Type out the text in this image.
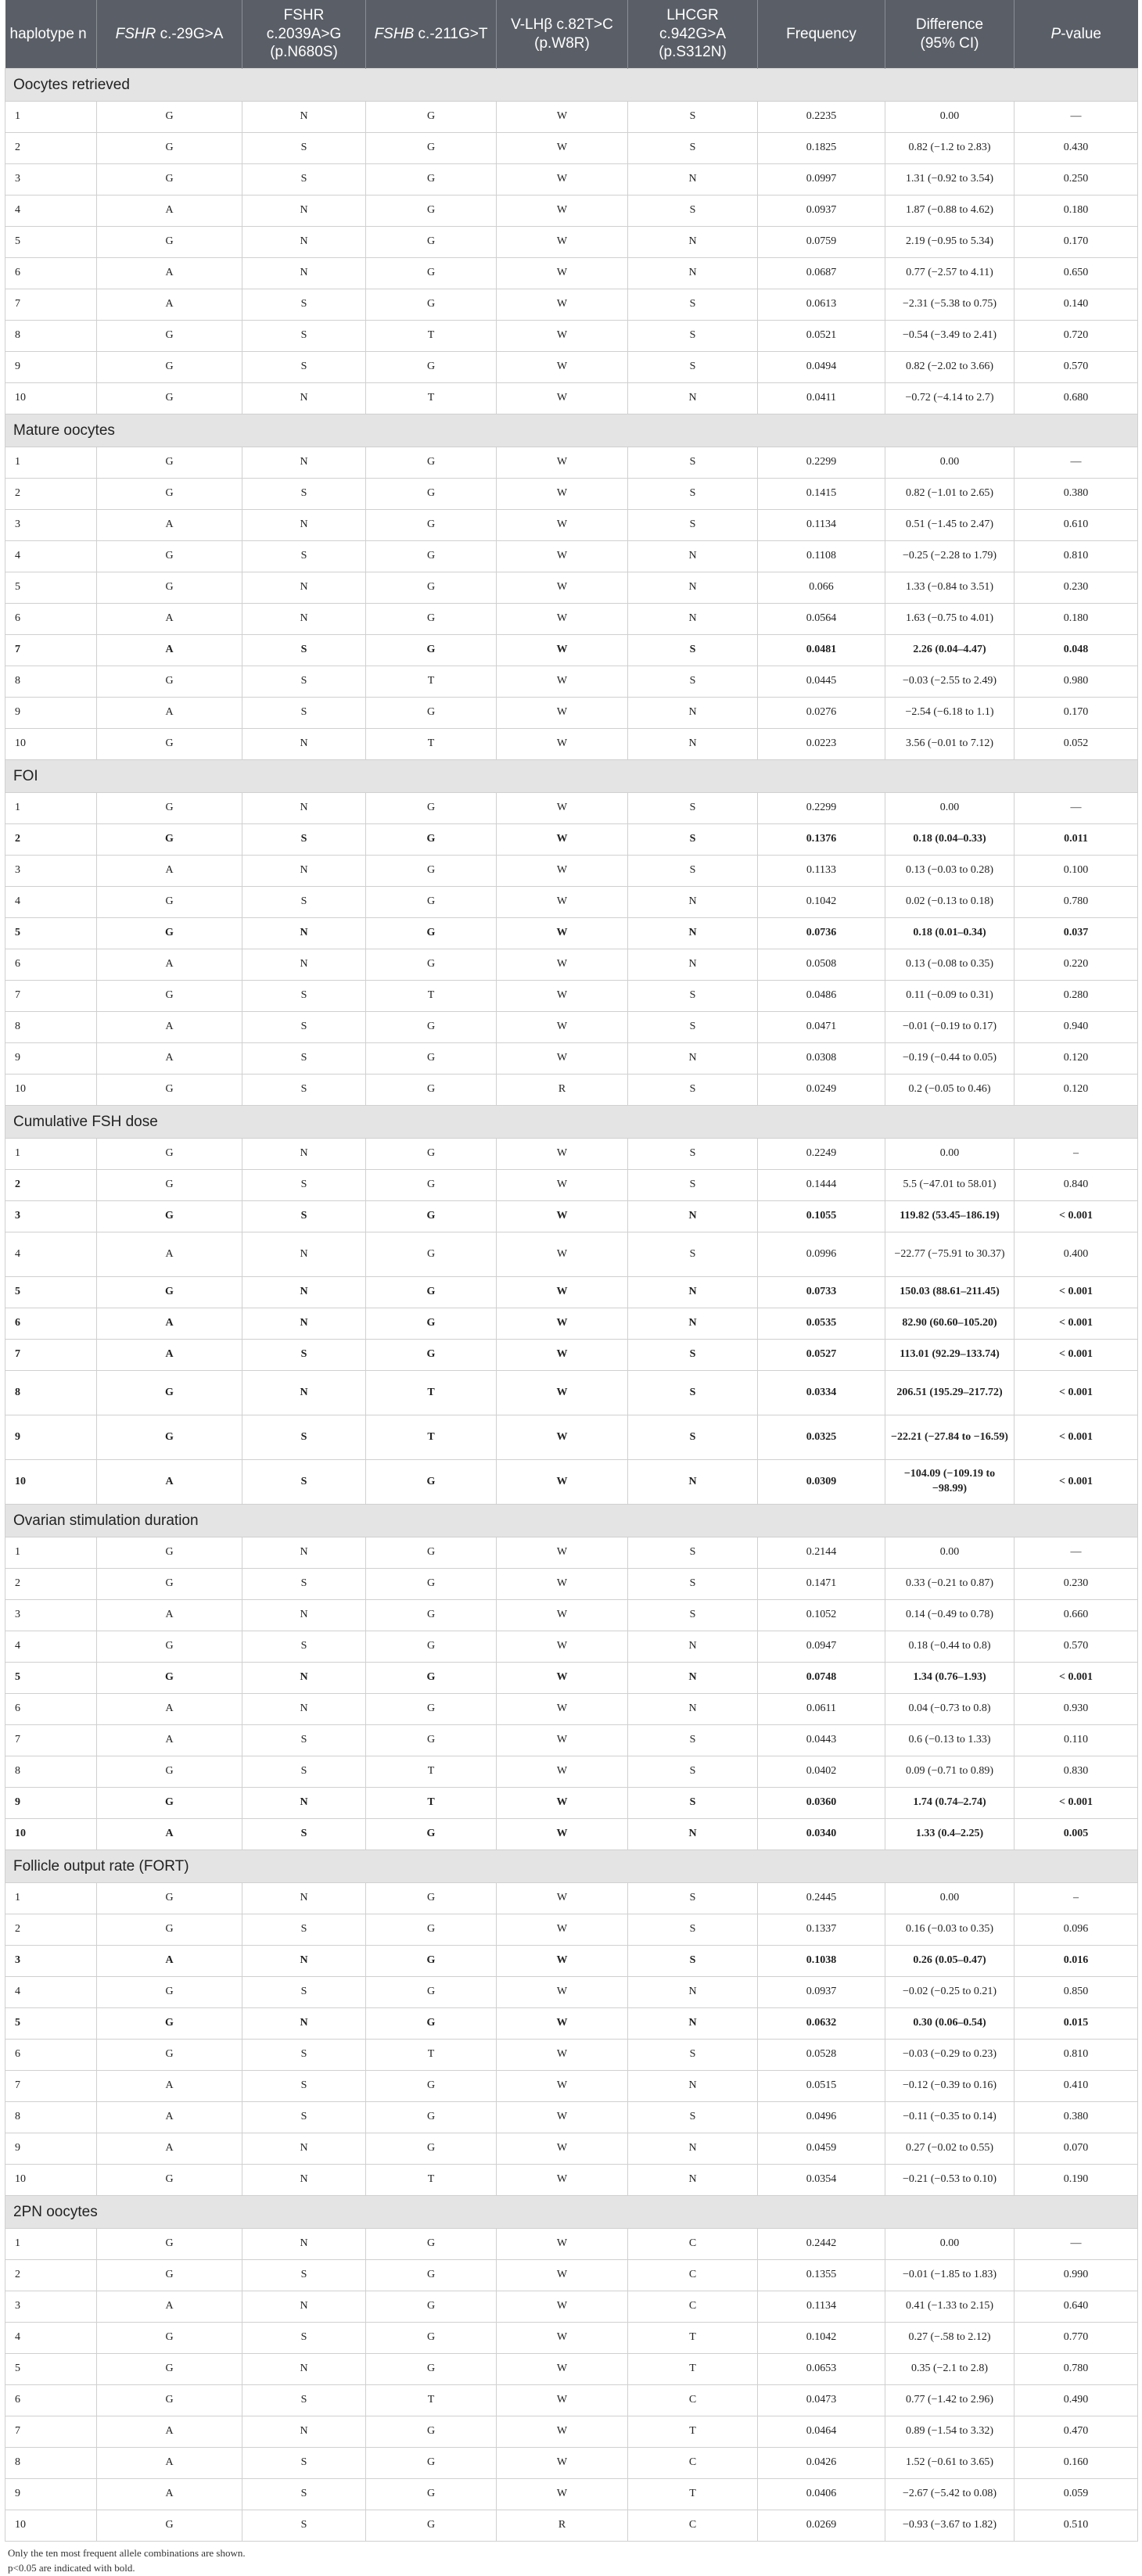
haplotype n	FSHR c.-29G>A	FSHR c.2039A>G
(p.N680S)	FSHB c.-211G>T	V-LHβ c.82T>C (p.W8R)	LHCGR c.942G>A
(p.S312N)	Frequency	Difference
(95% CI)	P-value
Oocytes retrieved								
1	G	N	G	W	S	0.2235	0.00	—
2	G	S	G	W	S	0.1825	0.82 (−1.2 to 2.83)	0.430
3	G	S	G	W	N	0.0997	1.31 (−0.92 to 3.54)	0.250
4	A	N	G	W	S	0.0937	1.87 (−0.88 to 4.62)	0.180
5	G	N	G	W	N	0.0759	2.19 (−0.95 to 5.34)	0.170
6	A	N	G	W	N	0.0687	0.77 (−2.57 to 4.11)	0.650
7	A	S	G	W	S	0.0613	−2.31 (−5.38 to 0.75)	0.140
8	G	S	T	W	S	0.0521	−0.54 (−3.49 to 2.41)	0.720
9	G	S	G	W	S	0.0494	0.82 (−2.02 to 3.66)	0.570
10	G	N	T	W	N	0.0411	−0.72 (−4.14 to 2.7)	0.680
Mature oocytes								
1	G	N	G	W	S	0.2299	0.00	—
2	G	S	G	W	S	0.1415	0.82 (−1.01 to 2.65)	0.380
3	A	N	G	W	S	0.1134	0.51 (−1.45 to 2.47)	0.610
4	G	S	G	W	N	0.1108	−0.25 (−2.28 to 1.79)	0.810
5	G	N	G	W	N	0.066	1.33 (−0.84 to 3.51)	0.230
6	A	N	G	W	N	0.0564	1.63 (−0.75 to 4.01)	0.180
7	A	S	G	W	S	0.0481	2.26 (0.04–4.47)	0.048
8	G	S	T	W	S	0.0445	−0.03 (−2.55 to 2.49)	0.980
9	A	S	G	W	N	0.0276	−2.54 (−6.18 to 1.1)	0.170
10	G	N	T	W	N	0.0223	3.56 (−0.01 to 7.12)	0.052
FOI								
1	G	N	G	W	S	0.2299	0.00	—
2	G	S	G	W	S	0.1376	0.18 (0.04–0.33)	0.011
3	A	N	G	W	S	0.1133	0.13 (−0.03 to 0.28)	0.100
4	G	S	G	W	N	0.1042	0.02 (−0.13 to 0.18)	0.780
5	G	N	G	W	N	0.0736	0.18 (0.01–0.34)	0.037
6	A	N	G	W	N	0.0508	0.13 (−0.08 to 0.35)	0.220
7	G	S	T	W	S	0.0486	0.11 (−0.09 to 0.31)	0.280
8	A	S	G	W	S	0.0471	−0.01 (−0.19 to 0.17)	0.940
9	A	S	G	W	N	0.0308	−0.19 (−0.44 to 0.05)	0.120
10	G	S	G	R	S	0.0249	0.2 (−0.05 to 0.46)	0.120
Cumulative FSH dose								
1	G	N	G	W	S	0.2249	0.00	–
2	G	S	G	W	S	0.1444	5.5 (−47.01 to 58.01)	0.840
3	G	S	G	W	N	0.1055	119.82 (53.45–186.19)	< 0.001
4	A	N	G	W	S	0.0996	−22.77 (−75.91 to 30.37)	0.400
5	G	N	G	W	N	0.0733	150.03 (88.61–211.45)	< 0.001
6	A	N	G	W	N	0.0535	82.90 (60.60–105.20)	< 0.001
7	A	S	G	W	S	0.0527	113.01 (92.29–133.74)	< 0.001
8	G	N	T	W	S	0.0334	206.51 (195.29–217.72)	< 0.001
9	G	S	T	W	S	0.0325	−22.21 (−27.84 to −16.59)	< 0.001
10	A	S	G	W	N	0.0309	−104.09 (−109.19 to −98.99)	< 0.001
Ovarian stimulation duration								
1	G	N	G	W	S	0.2144	0.00	—
2	G	S	G	W	S	0.1471	0.33 (−0.21 to 0.87)	0.230
3	A	N	G	W	S	0.1052	0.14 (−0.49 to 0.78)	0.660
4	G	S	G	W	N	0.0947	0.18 (−0.44 to 0.8)	0.570
5	G	N	G	W	N	0.0748	1.34 (0.76–1.93)	< 0.001
6	A	N	G	W	N	0.0611	0.04 (−0.73 to 0.8)	0.930
7	A	S	G	W	S	0.0443	0.6 (−0.13 to 1.33)	0.110
8	G	S	T	W	S	0.0402	0.09 (−0.71 to 0.89)	0.830
9	G	N	T	W	S	0.0360	1.74 (0.74–2.74)	< 0.001
10	A	S	G	W	N	0.0340	1.33 (0.4–2.25)	0.005
Follicle output rate (FORT)								
1	G	N	G	W	S	0.2445	0.00	–
2	G	S	G	W	S	0.1337	0.16 (−0.03 to 0.35)	0.096
3	A	N	G	W	S	0.1038	0.26 (0.05–0.47)	0.016
4	G	S	G	W	N	0.0937	−0.02 (−0.25 to 0.21)	0.850
5	G	N	G	W	N	0.0632	0.30 (0.06–0.54)	0.015
6	G	S	T	W	S	0.0528	−0.03 (−0.29 to 0.23)	0.810
7	A	S	G	W	N	0.0515	−0.12 (−0.39 to 0.16)	0.410
8	A	S	G	W	S	0.0496	−0.11 (−0.35 to 0.14)	0.380
9	A	N	G	W	N	0.0459	0.27 (−0.02 to 0.55)	0.070
10	G	N	T	W	N	0.0354	−0.21 (−0.53 to 0.10)	0.190
2PN oocytes								
1	G	N	G	W	C	0.2442	0.00	—
2	G	S	G	W	C	0.1355	−0.01 (−1.85 to 1.83)	0.990
3	A	N	G	W	C	0.1134	0.41 (−1.33 to 2.15)	0.640
4	G	S	G	W	T	0.1042	0.27 (−.58 to 2.12)	0.770
5	G	N	G	W	T	0.0653	0.35 (−2.1 to 2.8)	0.780
6	G	S	T	W	C	0.0473	0.77 (−1.42 to 2.96)	0.490
7	A	N	G	W	T	0.0464	0.89 (−1.54 to 3.32)	0.470
8	A	S	G	W	C	0.0426	1.52 (−0.61 to 3.65)	0.160
9	A	S	G	W	T	0.0406	−2.67 (−5.42 to 0.08)	0.059
10	G	S	G	R	C	0.0269	−0.93 (−3.67 to 1.82)	0.510
Only the ten most frequent allele combinations are shown.
p<0.05 are indicated with bold.
